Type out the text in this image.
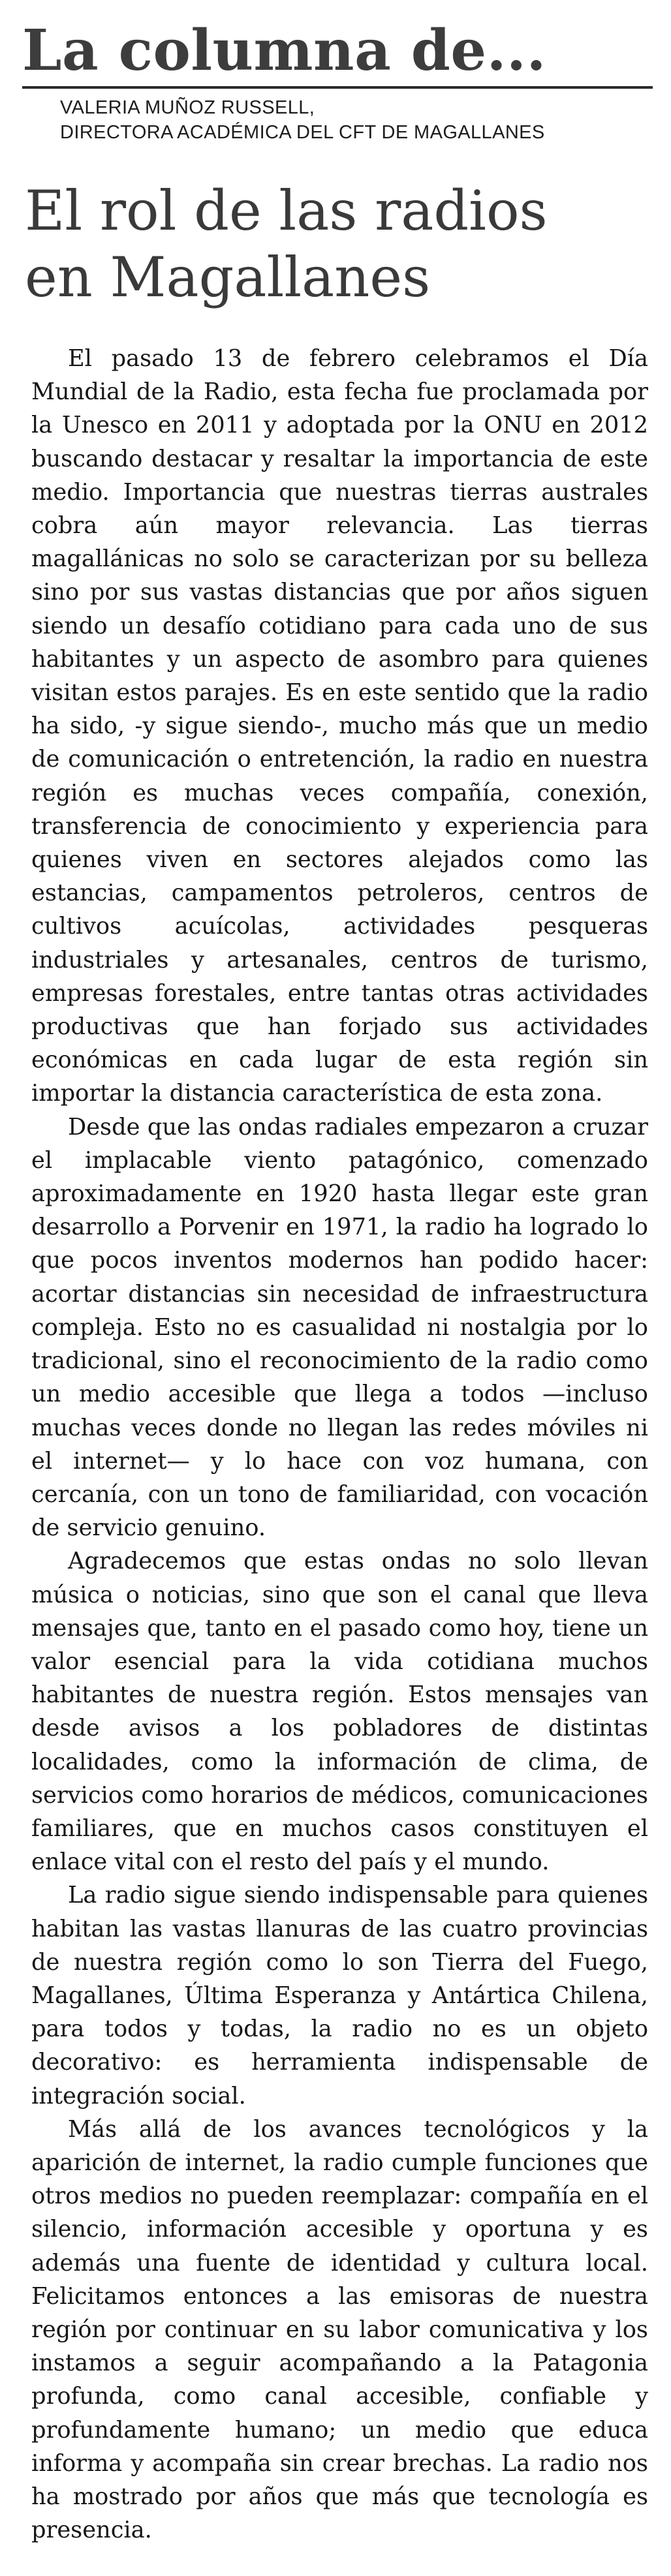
La columna de...
VALERIA MUÑOZ RUSSELL,
DIRECTORA ACADÉMICA DEL CFT DE MAGALLANES
El rol de las radios
en Magallanes

El pasado 13 de febrero celebramos el Día Mundial de la Radio, esta fecha fue proclamada por la Unesco en 2011 y adoptada por la ONU en 2012 buscando destacar y resaltar la importancia de este medio. Importancia que nuestras tierras australes cobra aún mayor relevancia. Las tierras magallánicas no solo se caracterizan por su belleza sino por sus vastas distancias que por años siguen siendo un desafío cotidiano para cada uno de sus habitantes y un aspecto de asombro para quienes visitan estos parajes. Es en este sentido que la radio ha sido, -y sigue siendo-, mucho más que un medio de comunicación o entretención, la radio en nuestra región es muchas veces compañía, conexión, transferencia de conocimiento y experiencia para quienes viven en sectores alejados como las estancias, campamentos petroleros, centros de cultivos acuícolas, actividades pesqueras industriales y artesanales, centros de turismo, empresas forestales, entre tantas otras actividades productivas que han forjado sus actividades económicas en cada lugar de esta región sin importar la distancia característica de esta zona.

Desde que las ondas radiales empezaron a cruzar el implacable viento patagónico, comenzado aproximadamente en 1920 hasta llegar este gran desarrollo a Porvenir en 1971, la radio ha logrado lo que pocos inventos modernos han podido hacer: acortar distancias sin necesidad de infraestructura compleja. Esto no es casualidad ni nostalgia por lo tradicional, sino el reconocimiento de la radio como un medio accesible que llega a todos —incluso muchas veces donde no llegan las redes móviles ni el internet— y lo hace con voz humana, con cercanía, con un tono de familiaridad, con vocación de servicio genuino.

Agradecemos que estas ondas no solo llevan música o noticias, sino que son el canal que lleva mensajes que, tanto en el pasado como hoy, tiene un valor esencial para la vida cotidiana muchos habitantes de nuestra región. Estos mensajes van desde avisos a los pobladores de distintas localidades, como la información de clima, de servicios como horarios de médicos, comunicaciones familiares, que en muchos casos constituyen el enlace vital con el resto del país y el mundo.

La radio sigue siendo indispensable para quienes habitan las vastas llanuras de las cuatro provincias de nuestra región como lo son Tierra del Fuego, Magallanes, Última Esperanza y Antártica Chilena, para todos y todas, la radio no es un objeto decorativo: es herramienta indispensable de integración social.

Más allá de los avances tecnológicos y la aparición de internet, la radio cumple funciones que otros medios no pueden reemplazar: compañía en el silencio, información accesible y oportuna y es además una fuente de identidad y cultura local. Felicitamos entonces a las emisoras de nuestra región por continuar en su labor comunicativa y los instamos a seguir acompañando a la Patagonia profunda, como canal accesible, confiable y profundamente humano; un medio que educa informa y acompaña sin crear brechas. La radio nos ha mostrado por años que más que tecnología es presencia.
